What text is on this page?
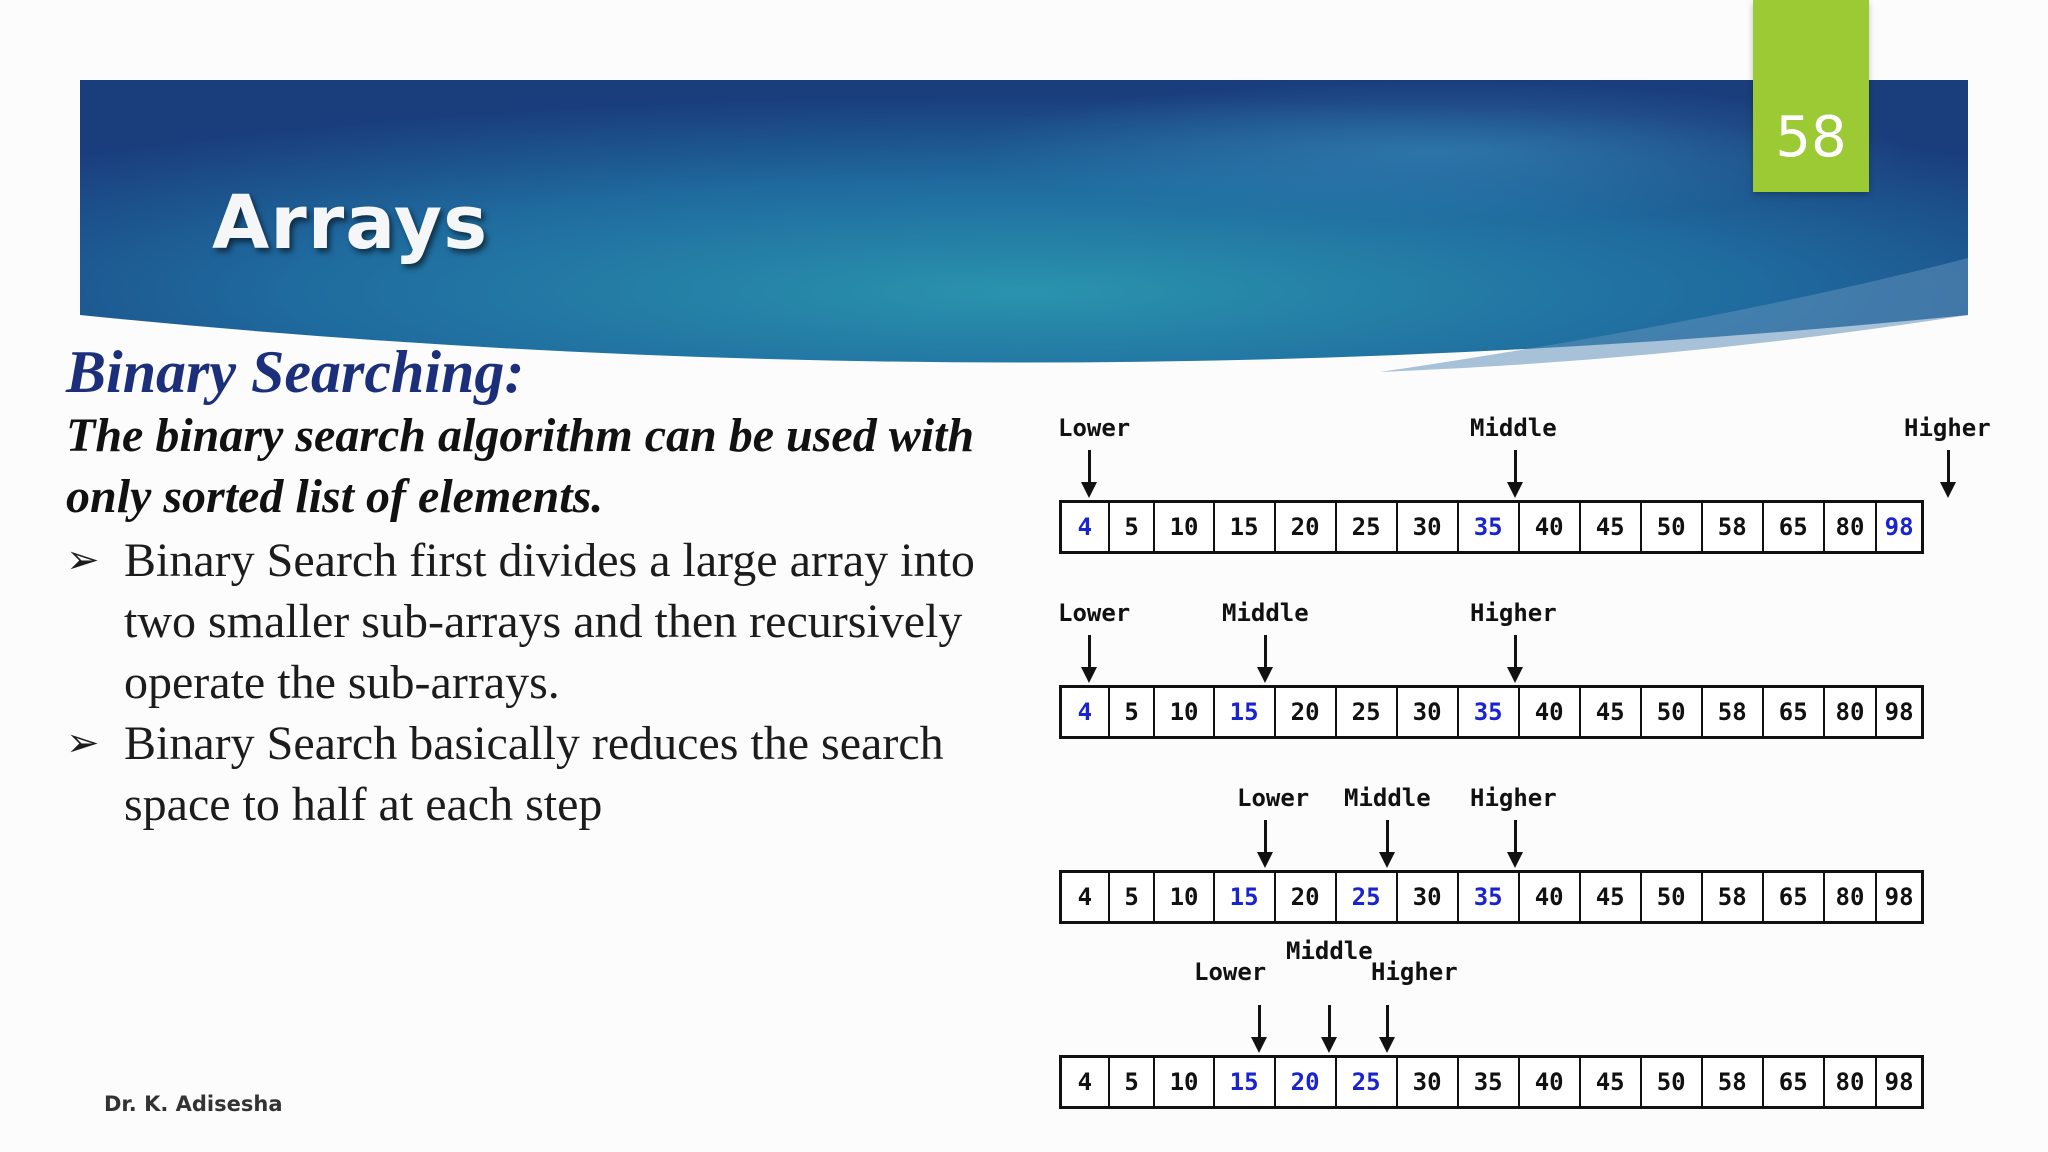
Arrays
58
Binary Searching:
The binary search algorithm can be used with only sorted list of elements.
➢ Binary Search first divides a large array into two smaller sub-arrays and then recursively operate the sub-arrays.
➢ Binary Search basically reduces the search space to half at each step
Lower	Middle	Higher
4	5	10	15	20	25	30	35	40	45	50	58	65	80 98
Lower	Middle	Higher
4	5	10	15	20	25	30	35	40	45	50	58	65	80 98
Lower Middle Higher
4	5	10	15	20	25	30	35	40	45	50	58	65	80 98
Middle
Lower	Higher
4	5	10	15	20	25	30	35	40	45	50	58	65	80 98
Dr. K. Adisesha
